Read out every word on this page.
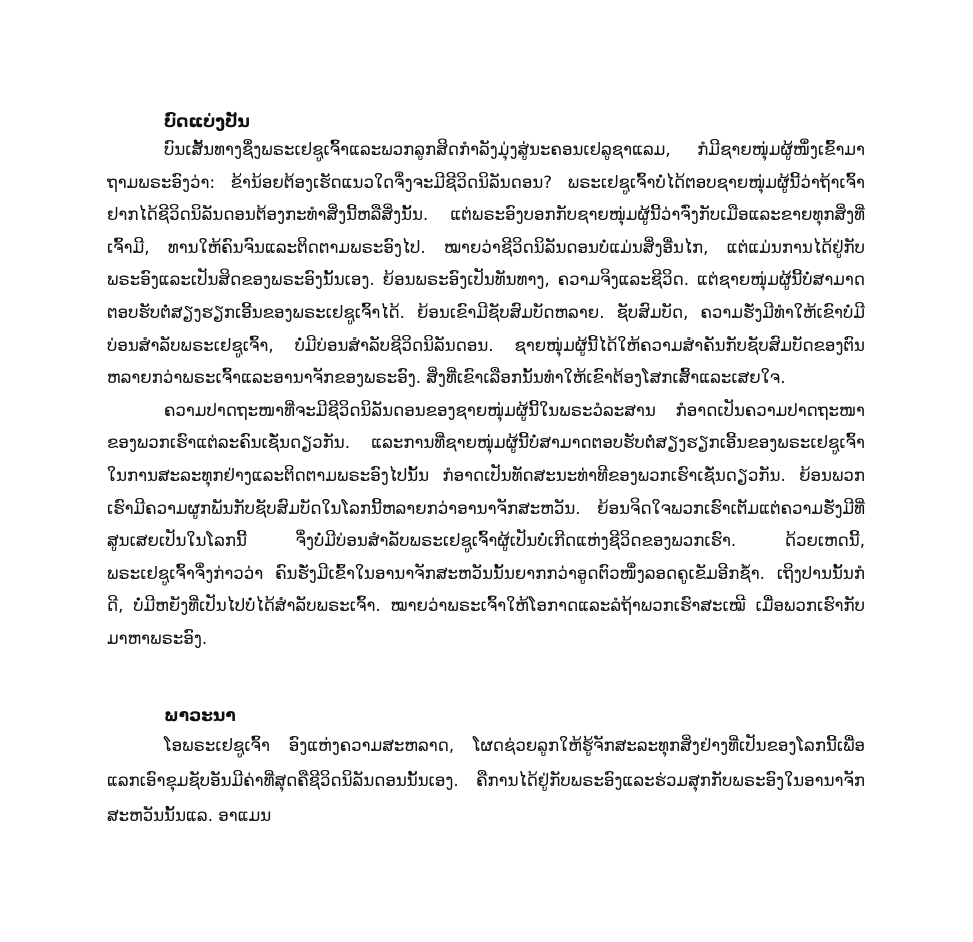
ບົດແບ່ງປັນ

ບົນເສັ້ນທາງຊຶ່ງພຣະເຢຊູເຈົ້າແລະພວກລູກສິດກໍາລັງມຸ່ງສູ່ນະຄອນເຢລູຊາແລມ, ກໍມີຊາຍໜຸ່ມຜູ້ໜຶ່ງເຂົ້າມາຖາມພຣະອົງວ່າ: ຂ້ານ້ອຍຕ້ອງເຮັດແນວໃດຈຶ່ງຈະມີຊີວິດນິລັນດອນ? ພຣະເຢຊູເຈົ້າບໍ່ໄດ້ຕອບຊາຍໜຸ່ມຜູ້ນີ້ວ່າຖ້າເຈົ້າຢາກໄດ້ຊີວິດນິລັນດອນຕ້ອງກະທໍາສິ່ງນີ້ຫລືສິ່ງນັ້ນ. ແຕ່ພຣະອົງບອກກັບຊາຍໜຸ່ມຜູ້ນີ້ວ່າຈົ່ງກັບເມືອແລະຂາຍທຸກສິ່ງທີ່ເຈົ້າມີ, ທານໃຫ້ຄົນຈົນແລະຕິດຕາມພຣະອົງໄປ. ໝາຍວ່າຊີວິດນິລັນດອນບໍ່ແມ່ນສິ່ງອື່ນໄກ, ແຕ່ແມ່ນການໄດ້ຢູ່ກັບພຣະອົງແລະເປັນສິດຂອງພຣະອົງນັ້ນເອງ. ຍ້ອນພຣະອົງເປັນທັນທາງ, ຄວາມຈິງແລະຊີວິດ. ແຕ່ຊາຍໜຸ່ມຜູ້ນີ້ບໍ່ສາມາດຕອບຮັບຕໍ່ສຽງຮຽກເອີ້ນຂອງພຣະເຢຊູເຈົ້າໄດ້. ຍ້ອນເຂົາມີຊັບສົມບັດຫລາຍ. ຊັບສົມບັດ, ຄວາມຮັ່ງມີທໍາໃຫ້ເຂົາບໍ່ມີບ່ອນສໍາລັບພຣະເຢຊູເຈົ້າ, ບໍ່ມີບ່ອນສໍາລັບຊີວິດນິລັນດອນ. ຊາຍໜຸ່ມຜູ້ນີ້ໄດ້ໃຫ້ຄວາມສໍາຄັນກັບຊັບສົມບັດຂອງຕົນຫລາຍກວ່າພຣະເຈົ້າແລະອານາຈັກຂອງພຣະອົງ. ສິ່ງທີ່ເຂົາເລືອກນັ້ນທໍາໃຫ້ເຂົາຕ້ອງໂສກເສົ້າແລະເສຍໃຈ.

ຄວາມປາດຖະໜາທີ່ຈະມີຊີວິດນິລັນດອນຂອງຊາຍໜຸ່ມຜູ້ນີ້ໃນພຣະວໍລະສານ ກໍອາດເປັນຄວາມປາດຖະໜາຂອງພວກເຮົາແຕ່ລະຄົນເຊັ່ນດຽວກັນ. ແລະການທີ່ຊາຍໜຸ່ມຜູ້ນີ້ບໍ່ສາມາດຕອບຮັບຕໍ່ສຽງຮຽກເອີ້ນຂອງພຣະເຢຊູເຈົ້າໃນການສະລະທຸກຢ່າງແລະຕິດຕາມພຣະອົງໄປນັ້ນ ກໍອາດເປັນທັດສະນະທ່າທີຂອງພວກເຮົາເຊັ່ນດຽວກັນ. ຍ້ອນພວກເຮົາມີຄວາມຜູກພັນກັບຊັບສົມບັດໃນໂລກນີ້ຫລາຍກວ່າອານາຈັກສະຫວັນ. ຍ້ອນຈິດໃຈພວກເຮົາເຕັມແຕ່ຄວາມຮັ່ງມີທີ່ສູນເສຍເປັນໃນໂລກນີ້ ຈຶ່ງບໍ່ມີບ່ອນສໍາລັບພຣະເຢຊູເຈົ້າຜູ້ເປັນບໍ່ເກີດແຫ່ງຊີວິດຂອງພວກເຮົາ. ດ້ວຍເຫດນີ້, ພຣະເຢຊູເຈົ້າຈຶ່ງກ່າວວ່າ ຄົນຮັ່ງມີເຂົ້າໃນອານາຈັກສະຫວັນນັ້ນຍາກກວ່າອູດຕົວໜຶ່ງລອດຄູເຂັມອີກຊໍ້າ. ເຖິງປານນັ້ນກໍດີ, ບໍ່ມີຫຍັງທີ່ເປັນໄປບໍ່ໄດ້ສໍາລັບພຣະເຈົ້າ. ໝາຍວ່າພຣະເຈົ້າໃຫ້ໂອກາດແລະລໍຖ້າພວກເຮົາສະເໝີ ເມື່ອພວກເຮົາກັບມາຫາພຣະອົງ.

ພາວະນາ

ໂອພຣະເຢຊູເຈົ້າ ອົງແຫ່ງຄວາມສະຫລາດ, ໂຜດຊ່ວຍລູກໃຫ້ຮູ້ຈັກສະລະທຸກສິ່ງຢ່າງທີ່ເປັນຂອງໂລກນີ້ເພື່ອແລກເອົາຂຸມຊັບອັນມີຄ່າທີ່ສຸດຄືຊີວິດນິລັນດອນນັ້ນເອງ. ຄືການໄດ້ຢູ່ກັບພຣະອົງແລະຮ່ວມສຸກກັບພຣະອົງໃນອານາຈັກສະຫວັນນັ້ນແລ. ອາແມນ
